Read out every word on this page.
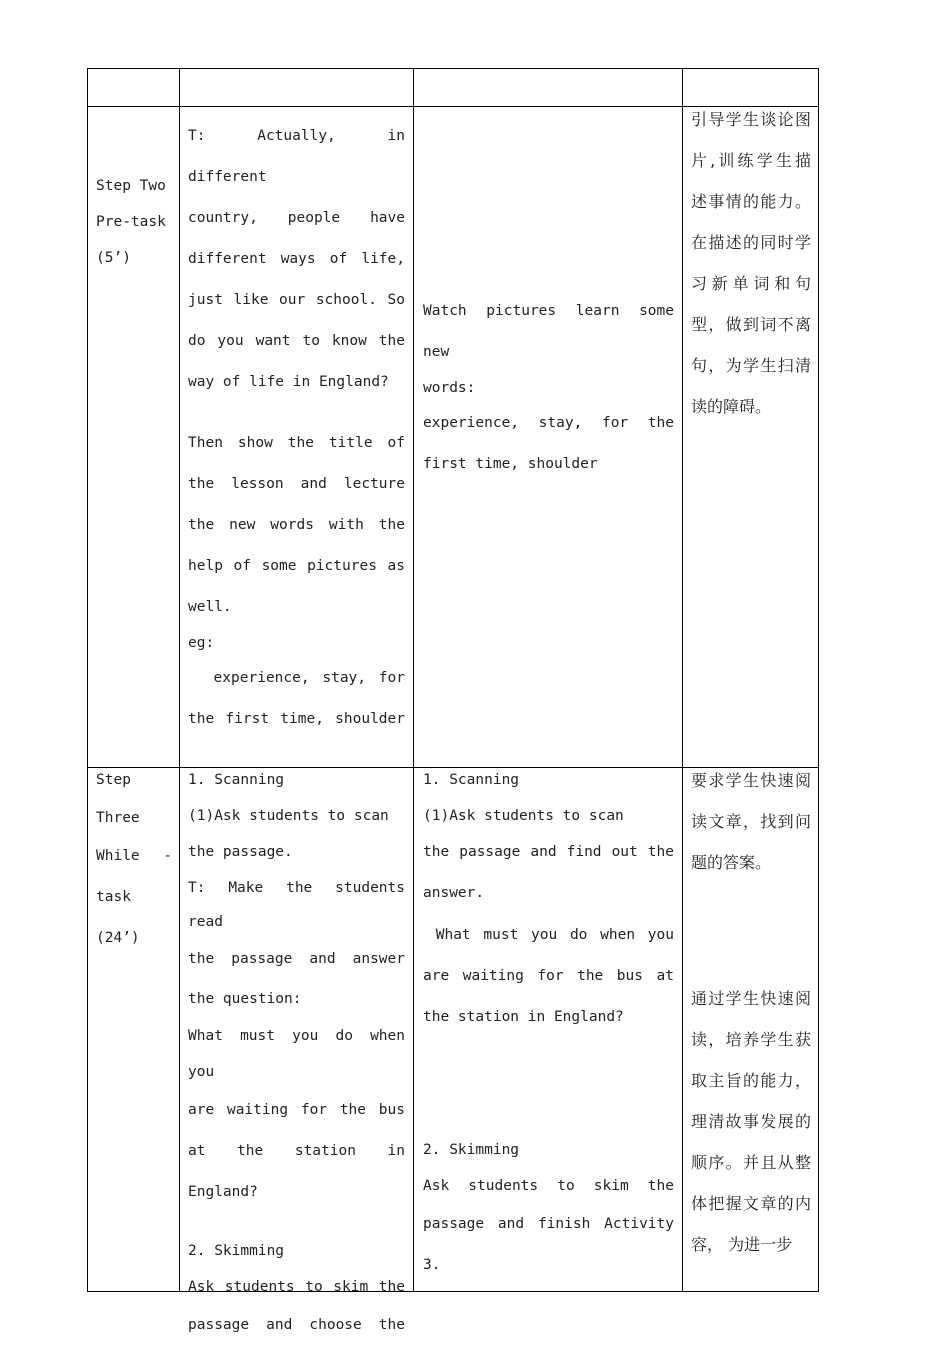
Step Two

Pre-task

(5’)

T: Actually, in different

country, people have

different ways of life,

just like our school. So

do you want to know the

way of life in England?

Then show the title of

the lesson and lecture

the new words with the

help of some pictures as

well.

eg:

experience, stay, for

the first time, shoulder

Watch pictures learn some new

words:

experience, stay, for the

first time, shoulder

引导学生谈论图

片,训练学生描

述事情的能力。

在描述的同时学

习新单词和句

型，做到词不离

句，为学生扫清

读的障碍。

Step

Three

While -

task

(24’)

1. Scanning

(1)Ask students to scan

the passage.

T: Make the students read

the passage and answer

the question:

What must you do when you

are waiting for the bus

at the station in

England?

2. Skimming

Ask students to skim the

passage and choose the

1. Scanning

(1)Ask students to scan

the passage and find out the

answer.

What must you do when you

are waiting for the bus at

the station in England?

2. Skimming

Ask students to skim the

passage and finish Activity

3.

要求学生快速阅

读文章，找到问

题的答案。

通过学生快速阅

读，培养学生获

取主旨的能力，

理清故事发展的

顺序。并且从整

体把握文章的内

容， 为进一步
